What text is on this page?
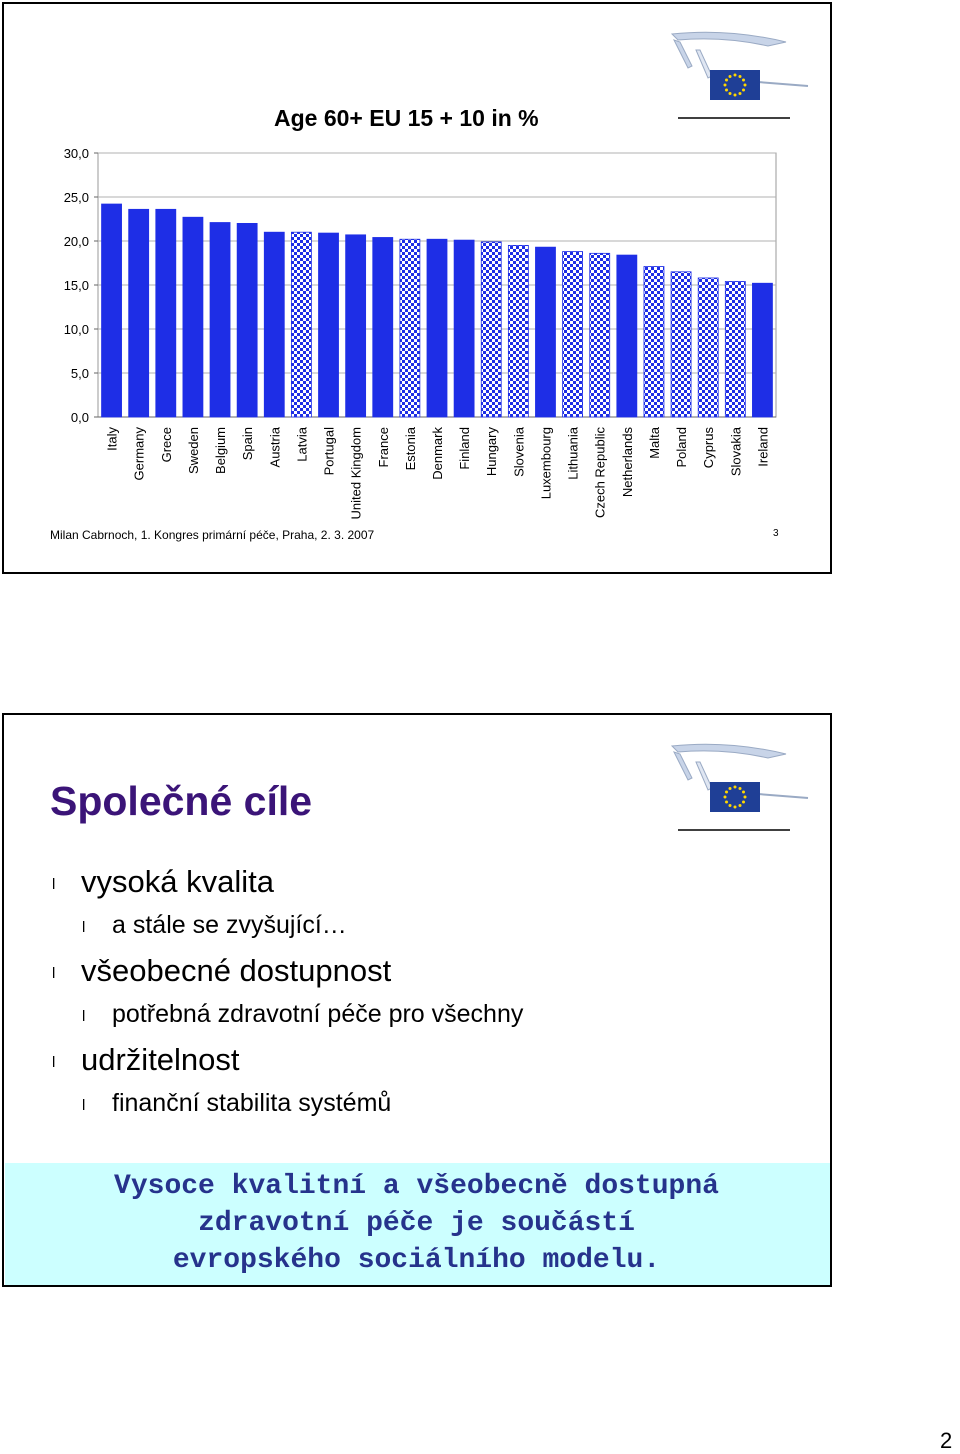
Age 60+ EU 15 + 10 in %
0,0
5,0
10,0
15,0
20,0
25,0
30,0
Italy Germany Grece Sweden Belgium Spain Austria Latvia Portugal United Kingdom France Estonia Denmark Finland Hungary Slovenia Luxembourg Lithuania Czech Republic Netherlands Malta Poland Cyprus Slovakia Ireland
Milan Cabrnoch, 1. Kongres primární péče, Praha, 2. 3. 2007	3
Společné cíle
l vysoká kvalita
l a stále se zvyšující…
l všeobecné dostupnost
l potřebná zdravotní péče pro všechny
l udržitelnost
l finanční stabilita systémů
Vysoce kvalitní a všeobecně dostupná
zdravotní péče je součástí
evropského sociálního modelu.
2
